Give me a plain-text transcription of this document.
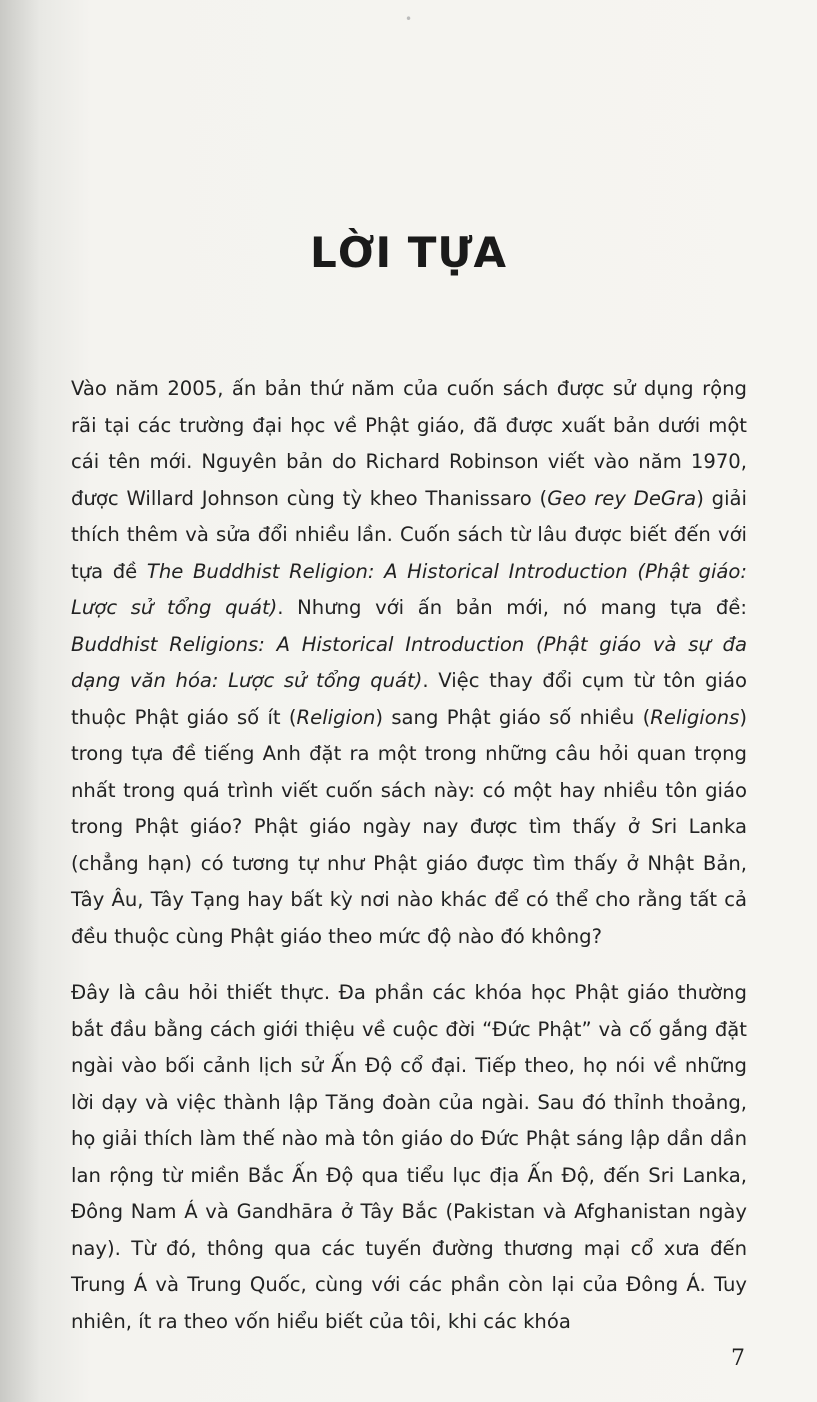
•
LỜI TỰA

Vào năm 2005, ấn bản thứ năm của cuốn sách được sử dụng rộng rãi tại các trường đại học về Phật giáo, đã được xuất bản dưới một cái tên mới. Nguyên bản do Richard Robinson viết vào năm 1970, được Willard Johnson cùng tỳ kheo Thanissaro (Geo rey DeGra) giải thích thêm và sửa đổi nhiều lần. Cuốn sách từ lâu được biết đến với tựa đề The Buddhist Religion: A Historical Introduction (Phật giáo: Lược sử tổng quát). Nhưng với ấn bản mới, nó mang tựa đề: Buddhist Religions: A Historical Introduction (Phật giáo và sự đa dạng văn hóa: Lược sử tổng quát). Việc thay đổi cụm từ tôn giáo thuộc Phật giáo số ít (Religion) sang Phật giáo số nhiều (Religions) trong tựa đề tiếng Anh đặt ra một trong những câu hỏi quan trọng nhất trong quá trình viết cuốn sách này: có một hay nhiều tôn giáo trong Phật giáo? Phật giáo ngày nay được tìm thấy ở Sri Lanka (chẳng hạn) có tương tự như Phật giáo được tìm thấy ở Nhật Bản, Tây Âu, Tây Tạng hay bất kỳ nơi nào khác để có thể cho rằng tất cả đều thuộc cùng Phật giáo theo mức độ nào đó không?

Đây là câu hỏi thiết thực. Đa phần các khóa học Phật giáo thường bắt đầu bằng cách giới thiệu về cuộc đời “Đức Phật” và cố gắng đặt ngài vào bối cảnh lịch sử Ấn Độ cổ đại. Tiếp theo, họ nói về những lời dạy và việc thành lập Tăng đoàn của ngài. Sau đó thỉnh thoảng, họ giải thích làm thế nào mà tôn giáo do Đức Phật sáng lập dần dần lan rộng từ miền Bắc Ấn Độ qua tiểu lục địa Ấn Độ, đến Sri Lanka, Đông Nam Á và Gandhāra ở Tây Bắc (Pakistan và Afghanistan ngày nay). Từ đó, thông qua các tuyến đường thương mại cổ xưa đến Trung Á và Trung Quốc, cùng với các phần còn lại của Đông Á. Tuy nhiên, ít ra theo vốn hiểu biết của tôi, khi các khóa

7
